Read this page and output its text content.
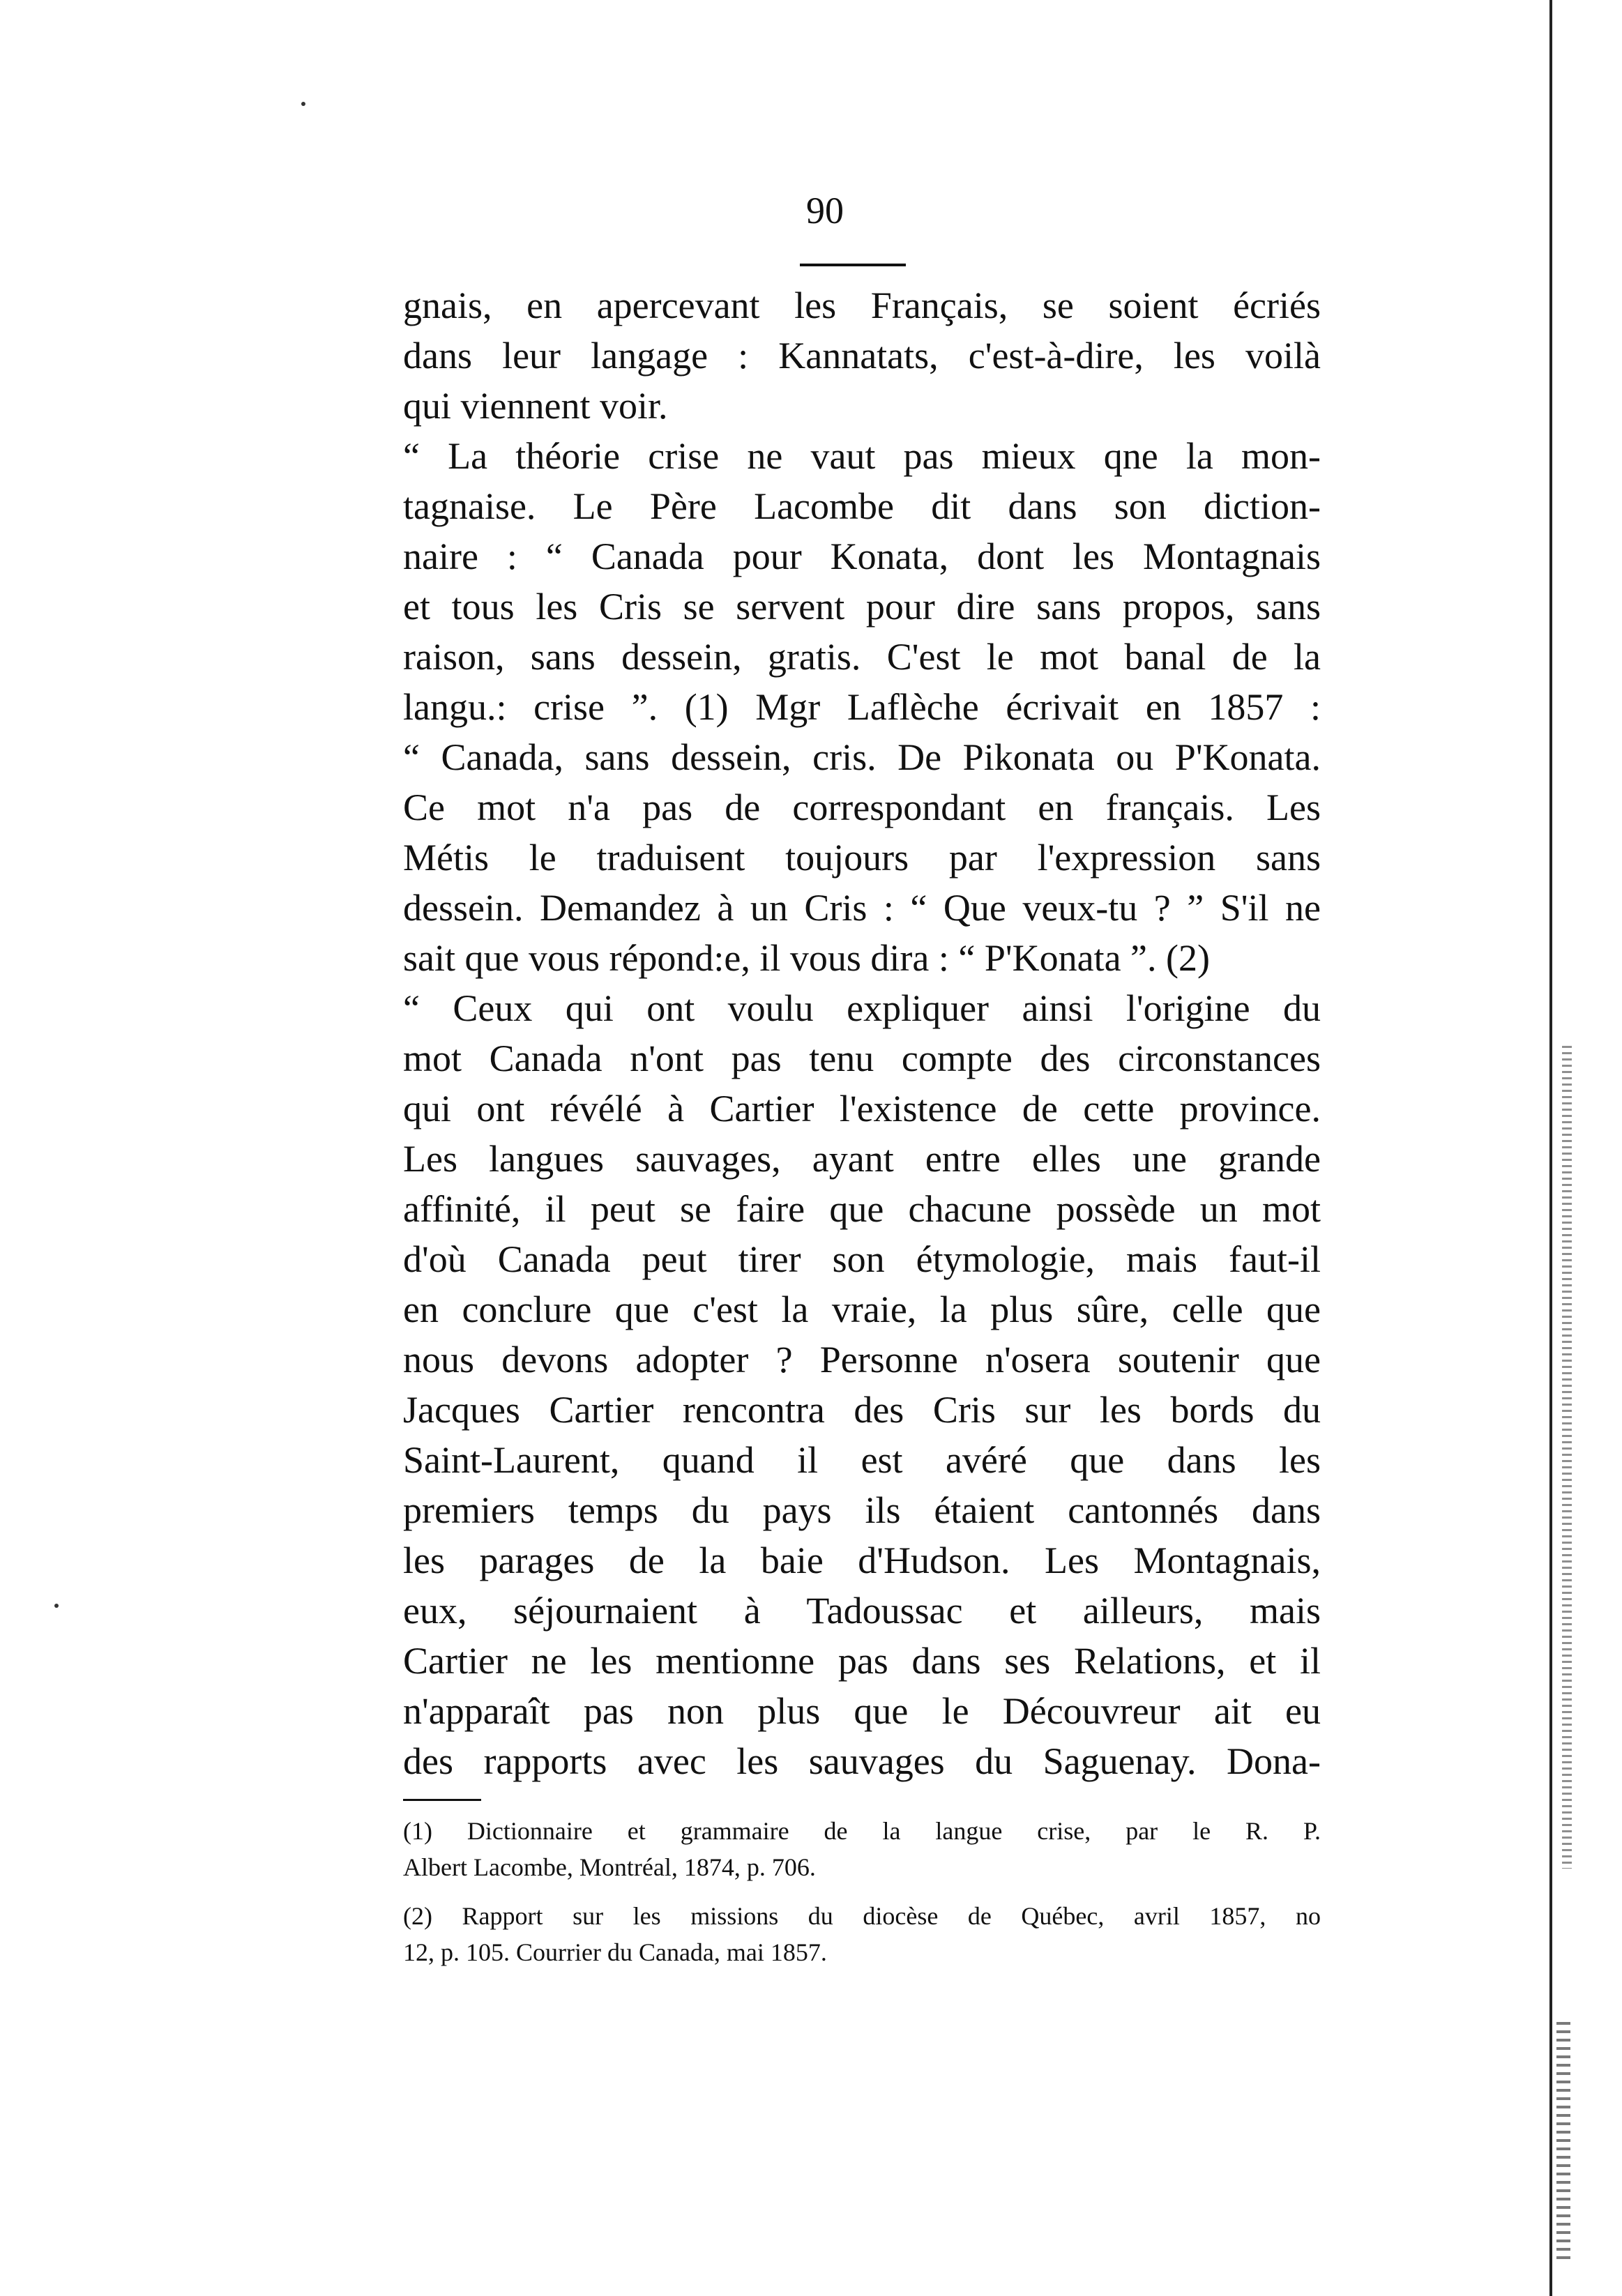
90
gnais, en apercevant les Français, se soient écriés
dans leur langage : Kannatats, c'est-à-dire, les voilà
qui viennent voir.
“ La théorie crise ne vaut pas mieux qne la mon-
tagnaise. Le Père Lacombe dit dans son diction-
naire : “ Canada pour Konata, dont les Montagnais
et tous les Cris se servent pour dire sans propos, sans
raison, sans dessein, gratis. C'est le mot banal de la
langu.: crise ”. (1) Mgr Laflèche écrivait en 1857 :
“ Canada, sans dessein, cris. De Pikonata ou P'Konata.
Ce mot n'a pas de correspondant en français. Les
Métis le traduisent toujours par l'expression sans
dessein. Demandez à un Cris : “ Que veux-tu ? ” S'il ne
sait que vous répond:e, il vous dira : “ P'Konata ”. (2)
“ Ceux qui ont voulu expliquer ainsi l'origine du
mot Canada n'ont pas tenu compte des circonstances
qui ont révélé à Cartier l'existence de cette province.
Les langues sauvages, ayant entre elles une grande
affinité, il peut se faire que chacune possède un mot
d'où Canada peut tirer son étymologie, mais faut-il
en conclure que c'est la vraie, la plus sûre, celle que
nous devons adopter ? Personne n'osera soutenir que
Jacques Cartier rencontra des Cris sur les bords du
Saint-Laurent, quand il est avéré que dans les
premiers temps du pays ils étaient cantonnés dans
les parages de la baie d'Hudson. Les Montagnais,
eux, séjournaient à Tadoussac et ailleurs, mais
Cartier ne les mentionne pas dans ses Relations, et il
n'apparaît pas non plus que le Découvreur ait eu
des rapports avec les sauvages du Saguenay. Dona-
(1) Dictionnaire et grammaire de la langue crise, par le R. P.
Albert Lacombe, Montréal, 1874, p. 706.
(2) Rapport sur les missions du diocèse de Québec, avril 1857, no
12, p. 105. Courrier du Canada, mai 1857.
